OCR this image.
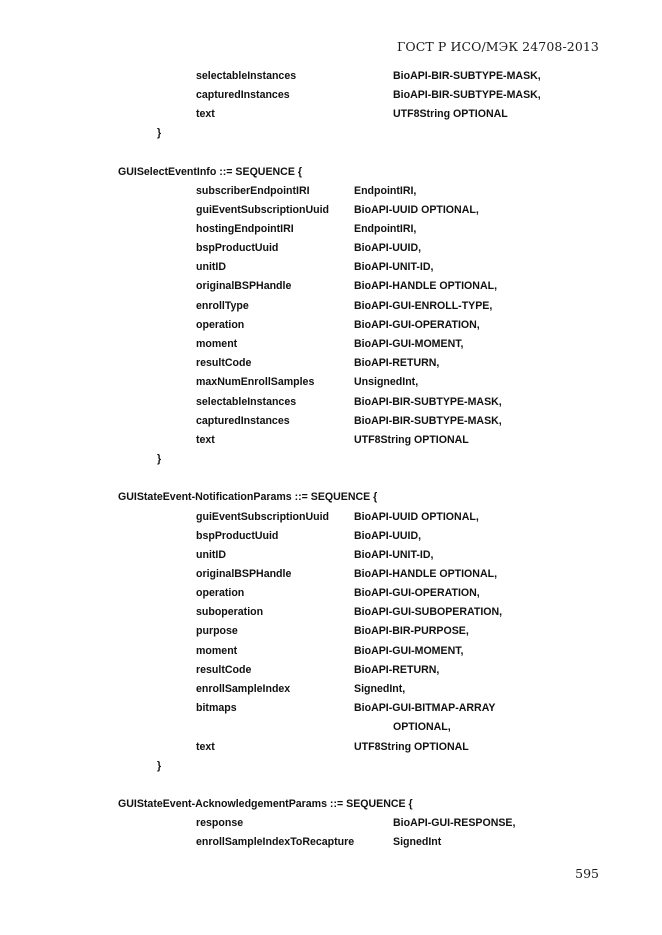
ГОСТ Р ИСО/МЭК 24708-2013
selectableInstances	BioAPI-BIR-SUBTYPE-MASK,
capturedInstances	BioAPI-BIR-SUBTYPE-MASK,
text	UTF8String OPTIONAL
}
GUISelectEventInfo ::= SEQUENCE {
subscriberEndpointIRI	EndpointIRI,
guiEventSubscriptionUuid BioAPI-UUID OPTIONAL,
hostingEndpointIRI	EndpointIRI,
bspProductUuid	BioAPI-UUID,
unitID	BioAPI-UNIT-ID,
originalBSPHandle	BioAPI-HANDLE OPTIONAL,
enrollType	BioAPI-GUI-ENROLL-TYPE,
operation	BioAPI-GUI-OPERATION,
moment	BioAPI-GUI-MOMENT,
resultCode	BioAPI-RETURN,
maxNumEnrollSamples	UnsignedInt,
selectableInstances	BioAPI-BIR-SUBTYPE-MASK,
capturedInstances	BioAPI-BIR-SUBTYPE-MASK,
text	UTF8String OPTIONAL
}
GUIStateEvent-NotificationParams ::= SEQUENCE {
guiEventSubscriptionUuid BioAPI-UUID OPTIONAL,
bspProductUuid	BioAPI-UUID,
unitID	BioAPI-UNIT-ID,
originalBSPHandle	BioAPI-HANDLE OPTIONAL,
operation	BioAPI-GUI-OPERATION,
suboperation	BioAPI-GUI-SUBOPERATION,
purpose	BioAPI-BIR-PURPOSE,
moment	BioAPI-GUI-MOMENT,
resultCode	BioAPI-RETURN,
enrollSampleIndex	SignedInt,
bitmaps	BioAPI-GUI-BITMAP-ARRAY
OPTIONAL,
text	UTF8String OPTIONAL
}
GUIStateEvent-AcknowledgementParams ::= SEQUENCE {
response	BioAPI-GUI-RESPONSE,
enrollSampleIndexToRecapture	SignedInt
595
